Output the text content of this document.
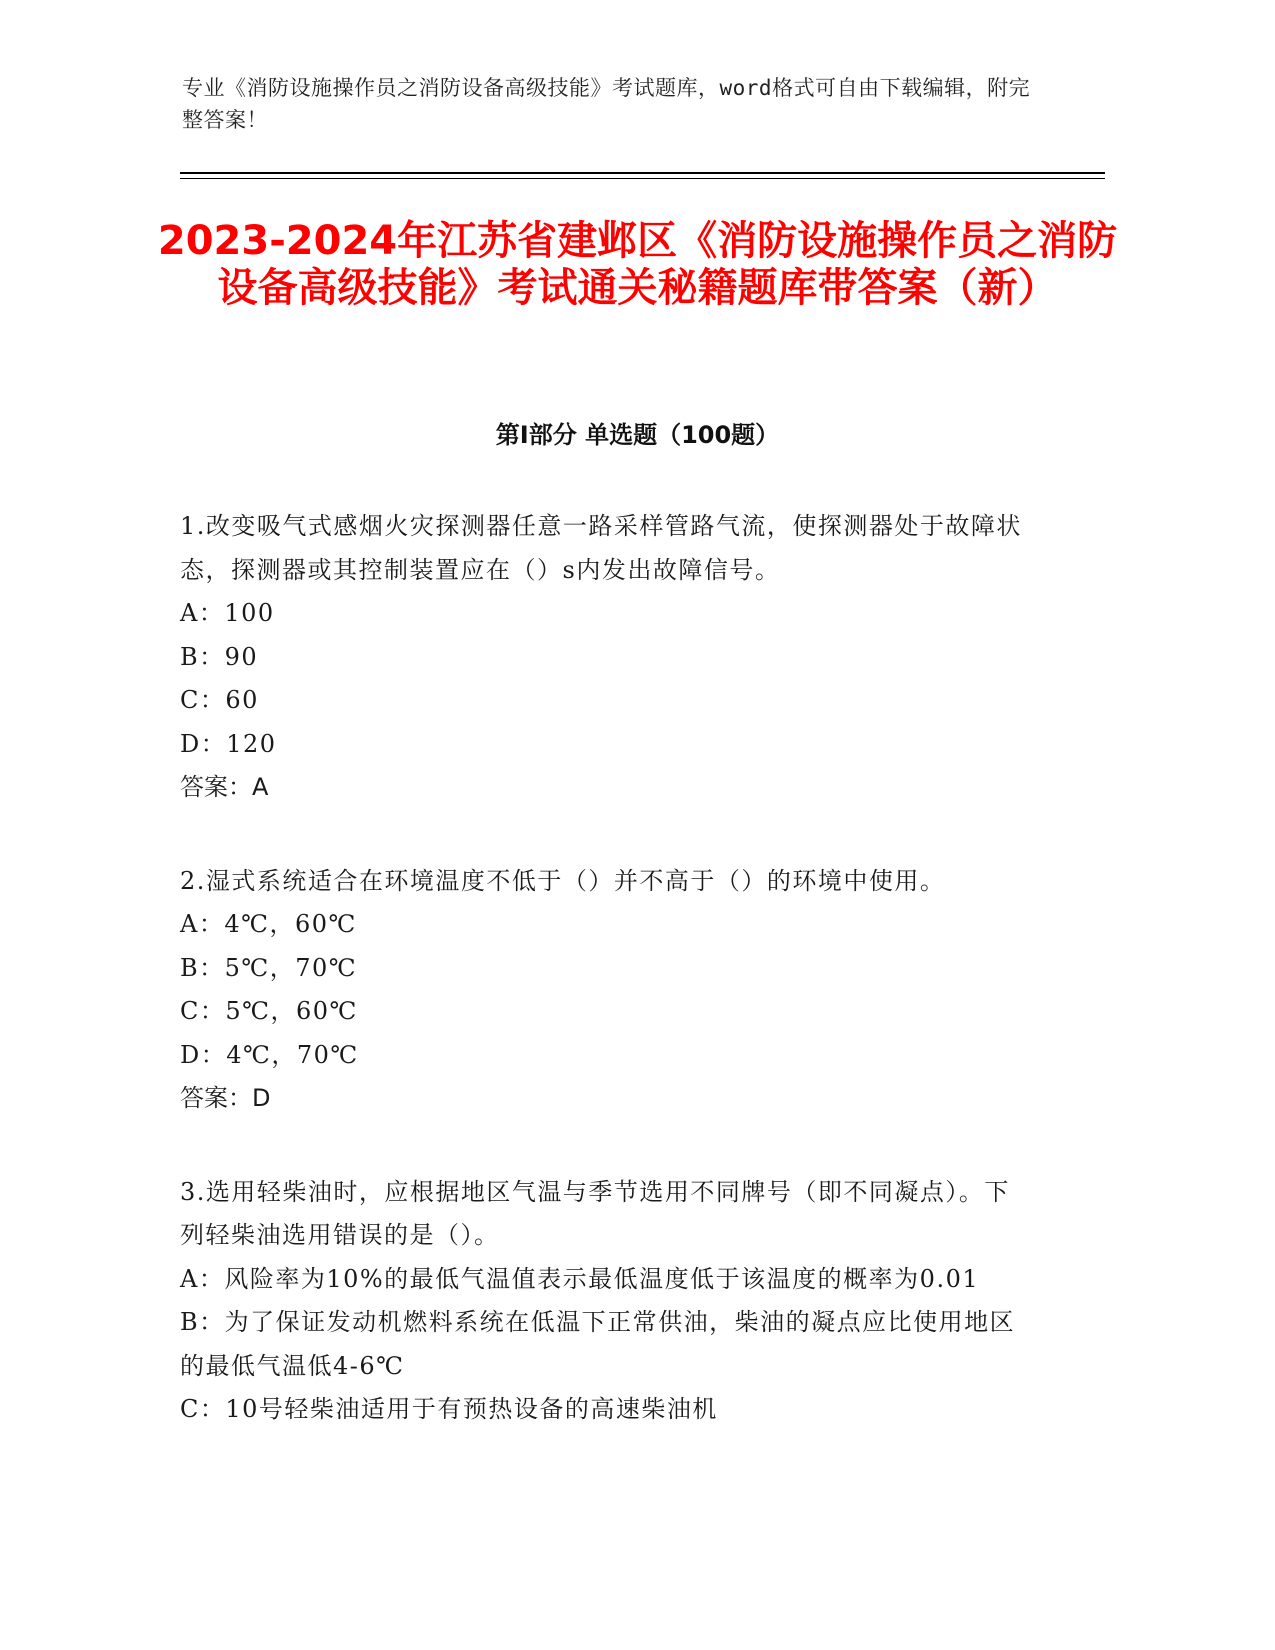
专业《消防设施操作员之消防设备高级技能》考试题库，word格式可自由下载编辑，附完整答案！

2023-2024年江苏省建邺区《消防设施操作员之消防设备高级技能》考试通关秘籍题库带答案（新）
第I部分 单选题（100题）

1.改变吸气式感烟火灾探测器任意一路采样管路气流，使探测器处于故障状态，探测器或其控制装置应在（）s内发出故障信号。

A：100

B：90

C：60

D：120

答案：A

2.湿式系统适合在环境温度不低于（）并不高于（）的环境中使用。

A：4℃，60℃

B：5℃，70℃

C：5℃，60℃

D：4℃，70℃

答案：D

3.选用轻柴油时，应根据地区气温与季节选用不同牌号（即不同凝点）。下列轻柴油选用错误的是（）。

A：风险率为10%的最低气温值表示最低温度低于该温度的概率为0.01

B：为了保证发动机燃料系统在低温下正常供油，柴油的凝点应比使用地区的最低气温低4-6℃

C：10号轻柴油适用于有预热设备的高速柴油机
